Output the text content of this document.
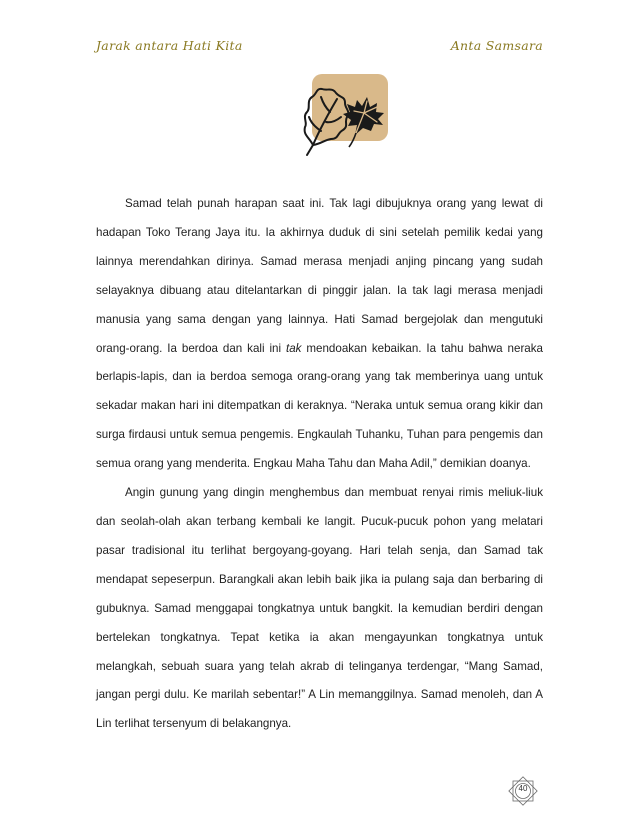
Jarak antara Hati Kita	Anta Samsara

Samad telah punah harapan saat ini. Tak lagi dibujuknya orang yang lewat di hadapan Toko Terang Jaya itu. Ia akhirnya duduk di sini setelah pemilik kedai yang lainnya merendahkan dirinya. Samad merasa menjadi anjing pincang yang sudah selayaknya dibuang atau ditelantarkan di pinggir jalan. Ia tak lagi merasa menjadi manusia yang sama dengan yang lainnya. Hati Samad bergejolak dan mengutuki orang-orang. Ia berdoa dan kali ini tak mendoakan kebaikan. Ia tahu bahwa neraka berlapis-lapis, dan ia berdoa semoga orang-orang yang tak memberinya uang untuk sekadar makan hari ini ditempatkan di keraknya. “Neraka untuk semua orang kikir dan surga firdausi untuk semua pengemis. Engkaulah Tuhanku, Tuhan para pengemis dan semua orang yang menderita. Engkau Maha Tahu dan Maha Adil,” demikian doanya.

Angin gunung yang dingin menghembus dan membuat renyai rimis meliuk-liuk dan seolah-olah akan terbang kembali ke langit. Pucuk-pucuk pohon yang melatari pasar tradisional itu terlihat bergoyang-goyang. Hari telah senja, dan Samad tak mendapat sepeserpun. Barangkali akan lebih baik jika ia pulang saja dan berbaring di gubuknya. Samad menggapai tongkatnya untuk bangkit. Ia kemudian berdiri dengan bertelekan tongkatnya. Tepat ketika ia akan mengayunkan tongkatnya untuk melangkah, sebuah suara yang telah akrab di telinganya terdengar, “Mang Samad, jangan pergi dulu. Ke marilah sebentar!” A Lin memanggilnya. Samad menoleh, dan A Lin terlihat tersenyum di belakangnya.

40
